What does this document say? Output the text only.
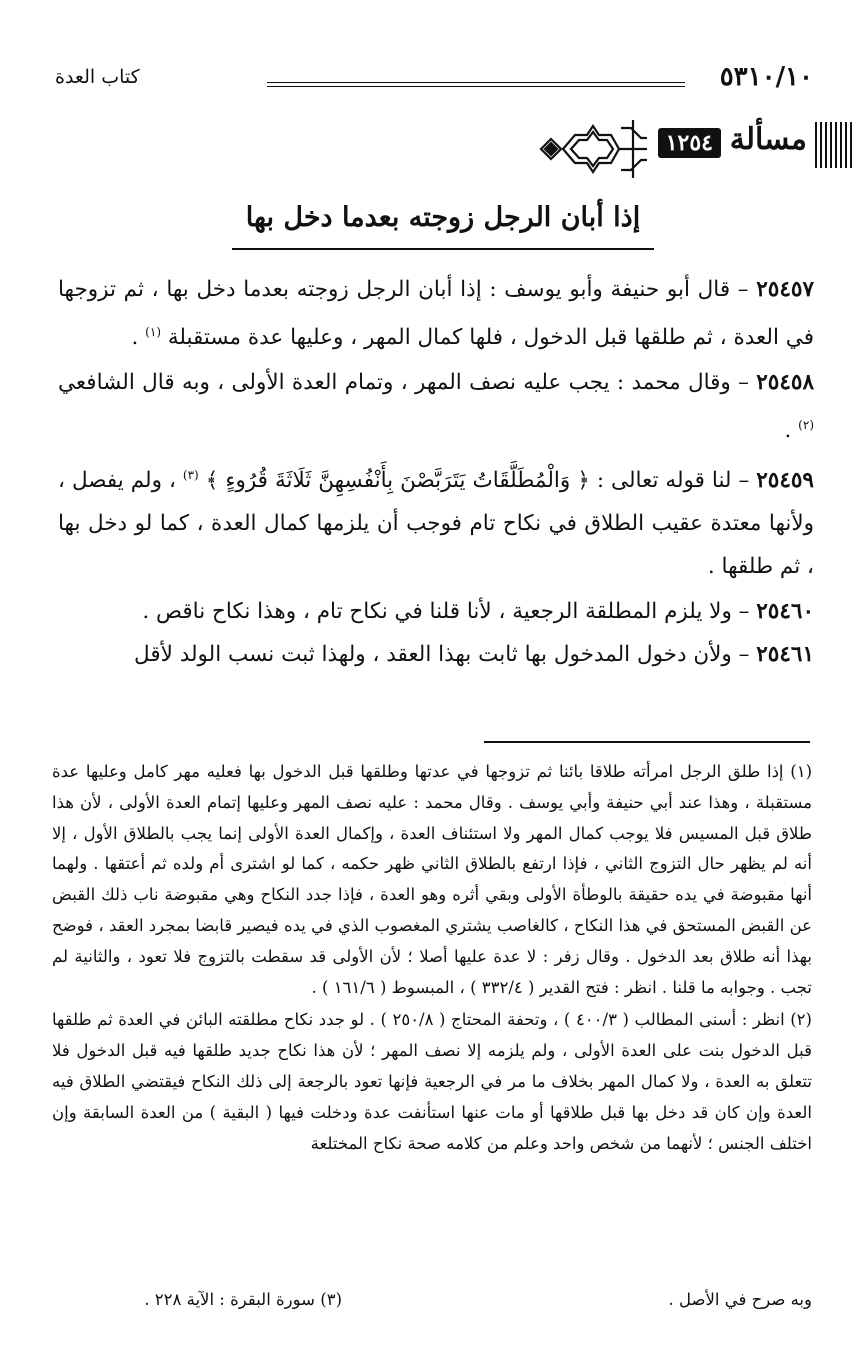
٥٣١٠/١٠
كتاب العدة
مسألة
١٢٥٤
إذا أبان الرجل زوجته بعدما دخل بها

٢٥٤٥٧ – قال أبو حنيفة وأبو يوسف : إذا أبان الرجل زوجته بعدما دخل بها ، ثم تزوجها في العدة ، ثم طلقها قبل الدخول ، فلها كمال المهر ، وعليها عدة مستقبلة $^{(١)}$ .

٢٥٤٥٨ – وقال محمد : يجب عليه نصف المهر ، وتمام العدة الأولى ، وبه قال الشافعي $^{(٢)}$ .

٢٥٤٥٩ – لنا قوله تعالى : ﴿ وَالْمُطَلَّقَاتُ يَتَرَبَّصْنَ بِأَنْفُسِهِنَّ ثَلَاثَةَ قُرُوءٍ ﴾ $^{(٣)}$ ، ولم يفصل ، ولأنها معتدة عقيب الطلاق في نكاح تام فوجب أن يلزمها كمال العدة ، كما لو دخل بها ، ثم طلقها .

٢٥٤٦٠ – ولا يلزم المطلقة الرجعية ، لأنا قلنا في نكاح تام ، وهذا نكاح ناقص .

٢٥٤٦١ – ولأن دخول المدخول بها ثابت بهذا العقد ، ولهذا ثبت نسب الولد لأقل

(١) إذا طلق الرجل امرأته طلاقا بائنا ثم تزوجها في عدتها وطلقها قبل الدخول بها فعليه مهر كامل وعليها عدة مستقبلة ، وهذا عند أبي حنيفة وأبي يوسف . وقال محمد : عليه نصف المهر وعليها إتمام العدة الأولى ، لأن هذا طلاق قبل المسيس فلا يوجب كمال المهر ولا استئناف العدة ، وإكمال العدة الأولى إنما يجب بالطلاق الأول ، إلا أنه لم يظهر حال التزوج الثاني ، فإذا ارتفع بالطلاق الثاني ظهر حكمه ، كما لو اشترى أم ولده ثم أعتقها . ولهما أنها مقبوضة في يده حقيقة بالوطأة الأولى وبقي أثره وهو العدة ، فإذا جدد النكاح وهي مقبوضة ناب ذلك القبض عن القبض المستحق في هذا النكاح ، كالغاصب يشتري المغصوب الذي في يده فيصير قابضا بمجرد العقد ، فوضح بهذا أنه طلاق بعد الدخول . وقال زفر : لا عدة عليها أصلا ؛ لأن الأولى قد سقطت بالتزوج فلا تعود ، والثانية لم تجب . وجوابه ما قلنا . انظر : فتح القدير ( ٣٣٢/٤ ) ، المبسوط ( ١٦١/٦ ) .

(٢) انظر : أسنى المطالب ( ٤٠٠/٣ ) ، وتحفة المحتاج ( ٢٥٠/٨ ) . لو جدد نكاح مطلقته البائن في العدة ثم طلقها قبل الدخول بنت على العدة الأولى ، ولم يلزمه إلا نصف المهر ؛ لأن هذا نكاح جديد طلقها فيه قبل الدخول فلا تتعلق به العدة ، ولا كمال المهر بخلاف ما مر في الرجعية فإنها تعود بالرجعة إلى ذلك النكاح فيقتضي الطلاق فيه العدة وإن كان قد دخل بها قبل طلاقها أو مات عنها استأنفت عدة ودخلت فيها ( البقية ) من العدة السابقة وإن اختلف الجنس ؛ لأنهما من شخص واحد وعلم من كلامه صحة نكاح المختلعة

وبه صرح في الأصل .
(٣) سورة البقرة : الآية ٢٢٨ .
